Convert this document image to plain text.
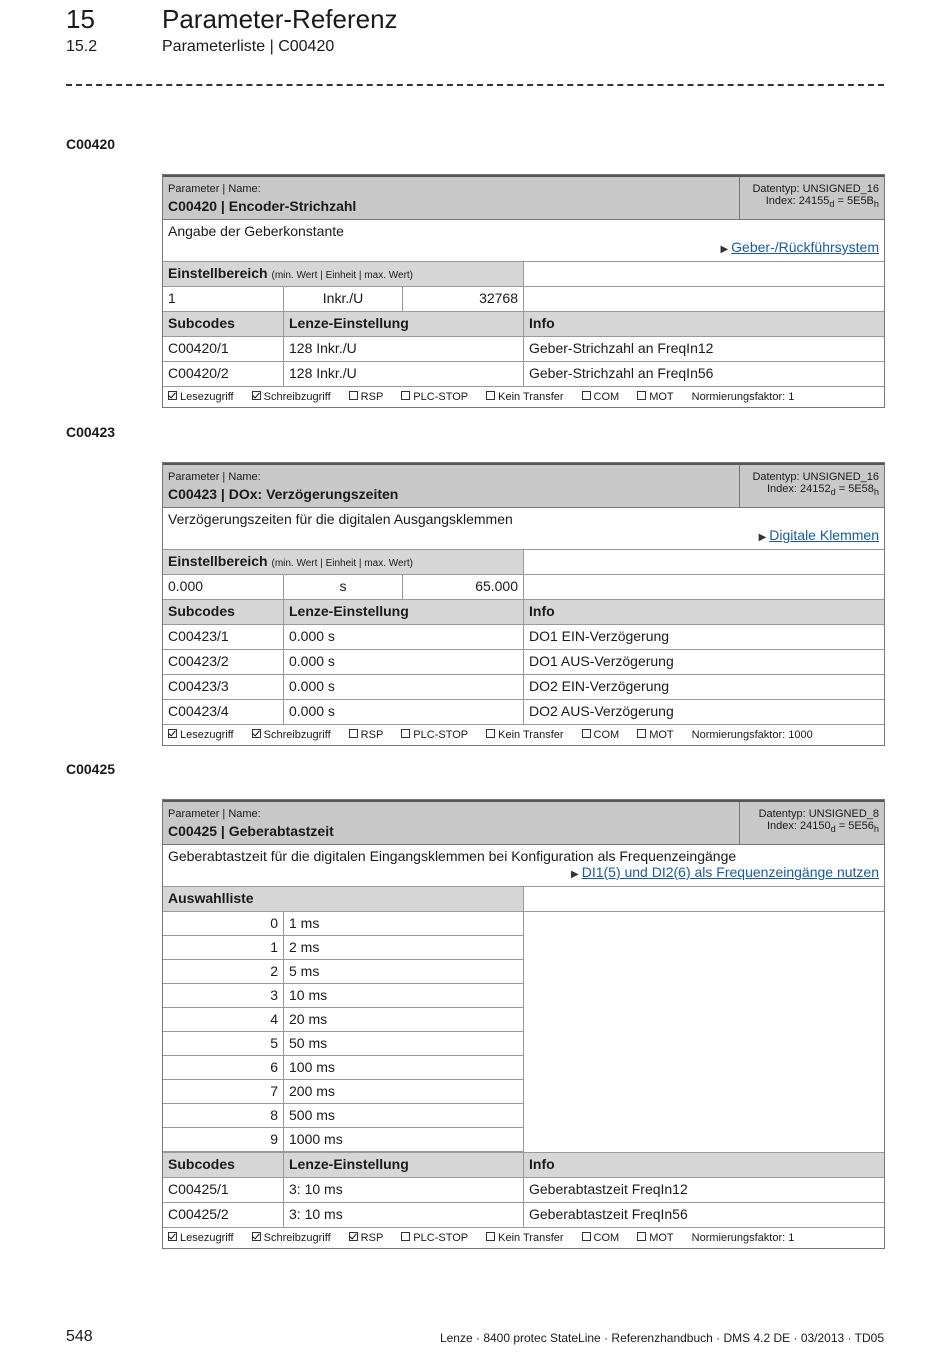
15	Parameter-Referenz
15.2	Parameterliste | C00420
C00420
Parameter | Name:
C00420 | Encoder-Strichzahl
Datentyp: UNSIGNED_16
Index: $24155_d = 5E5B_h$
Angabe der Geberkonstante
▶ Geber-/Rückführsystem
Einstellbereich (min. Wert | Einheit | max. Wert)
1	Inkr./U	32768
Subcodes	Lenze-Einstellung	Info
C00420/1	128 Inkr./U	Geber-Strichzahl an FreqIn12
C00420/2	128 Inkr./U	Geber-Strichzahl an FreqIn56
Lesezugriff	Schreibzugriff	RSP	PLC-STOP	Kein Transfer	COM	MOT	Normierungsfaktor: 1
C00423
Parameter | Name:
C00423 | DOx: Verzögerungszeiten
Datentyp: UNSIGNED_16
Index: $24152_d = 5E58_h$
Verzögerungszeiten für die digitalen Ausgangsklemmen
▶ Digitale Klemmen
Einstellbereich (min. Wert | Einheit | max. Wert)
0.000	s	65.000
Subcodes	Lenze-Einstellung	Info
C00423/1	0.000 s	DO1 EIN-Verzögerung
C00423/2	0.000 s	DO1 AUS-Verzögerung
C00423/3	0.000 s	DO2 EIN-Verzögerung
C00423/4	0.000 s	DO2 AUS-Verzögerung
Lesezugriff	Schreibzugriff	RSP	PLC-STOP	Kein Transfer	COM	MOT	Normierungsfaktor: 1000
C00425
Parameter | Name:
C00425 | Geberabtastzeit
Datentyp: UNSIGNED_8
Index: $24150_d = 5E56_h$
Geberabtastzeit für die digitalen Eingangsklemmen bei Konfiguration als Frequenzeingänge
▶ DI1(5) und DI2(6) als Frequenzeingänge nutzen
Auswahlliste
0 1 ms
1 2 ms
2 5 ms
3 10 ms
4 20 ms
5 50 ms
6 100 ms
7 200 ms
8 500 ms
9 1000 ms
Subcodes	Lenze-Einstellung	Info
C00425/1	3: 10 ms	Geberabtastzeit FreqIn12
C00425/2	3: 10 ms	Geberabtastzeit FreqIn56
Lesezugriff	Schreibzugriff	RSP	PLC-STOP	Kein Transfer	COM	MOT	Normierungsfaktor: 1
548	Lenze · 8400 protec StateLine · Referenzhandbuch · DMS 4.2 DE · 03/2013 · TD05
